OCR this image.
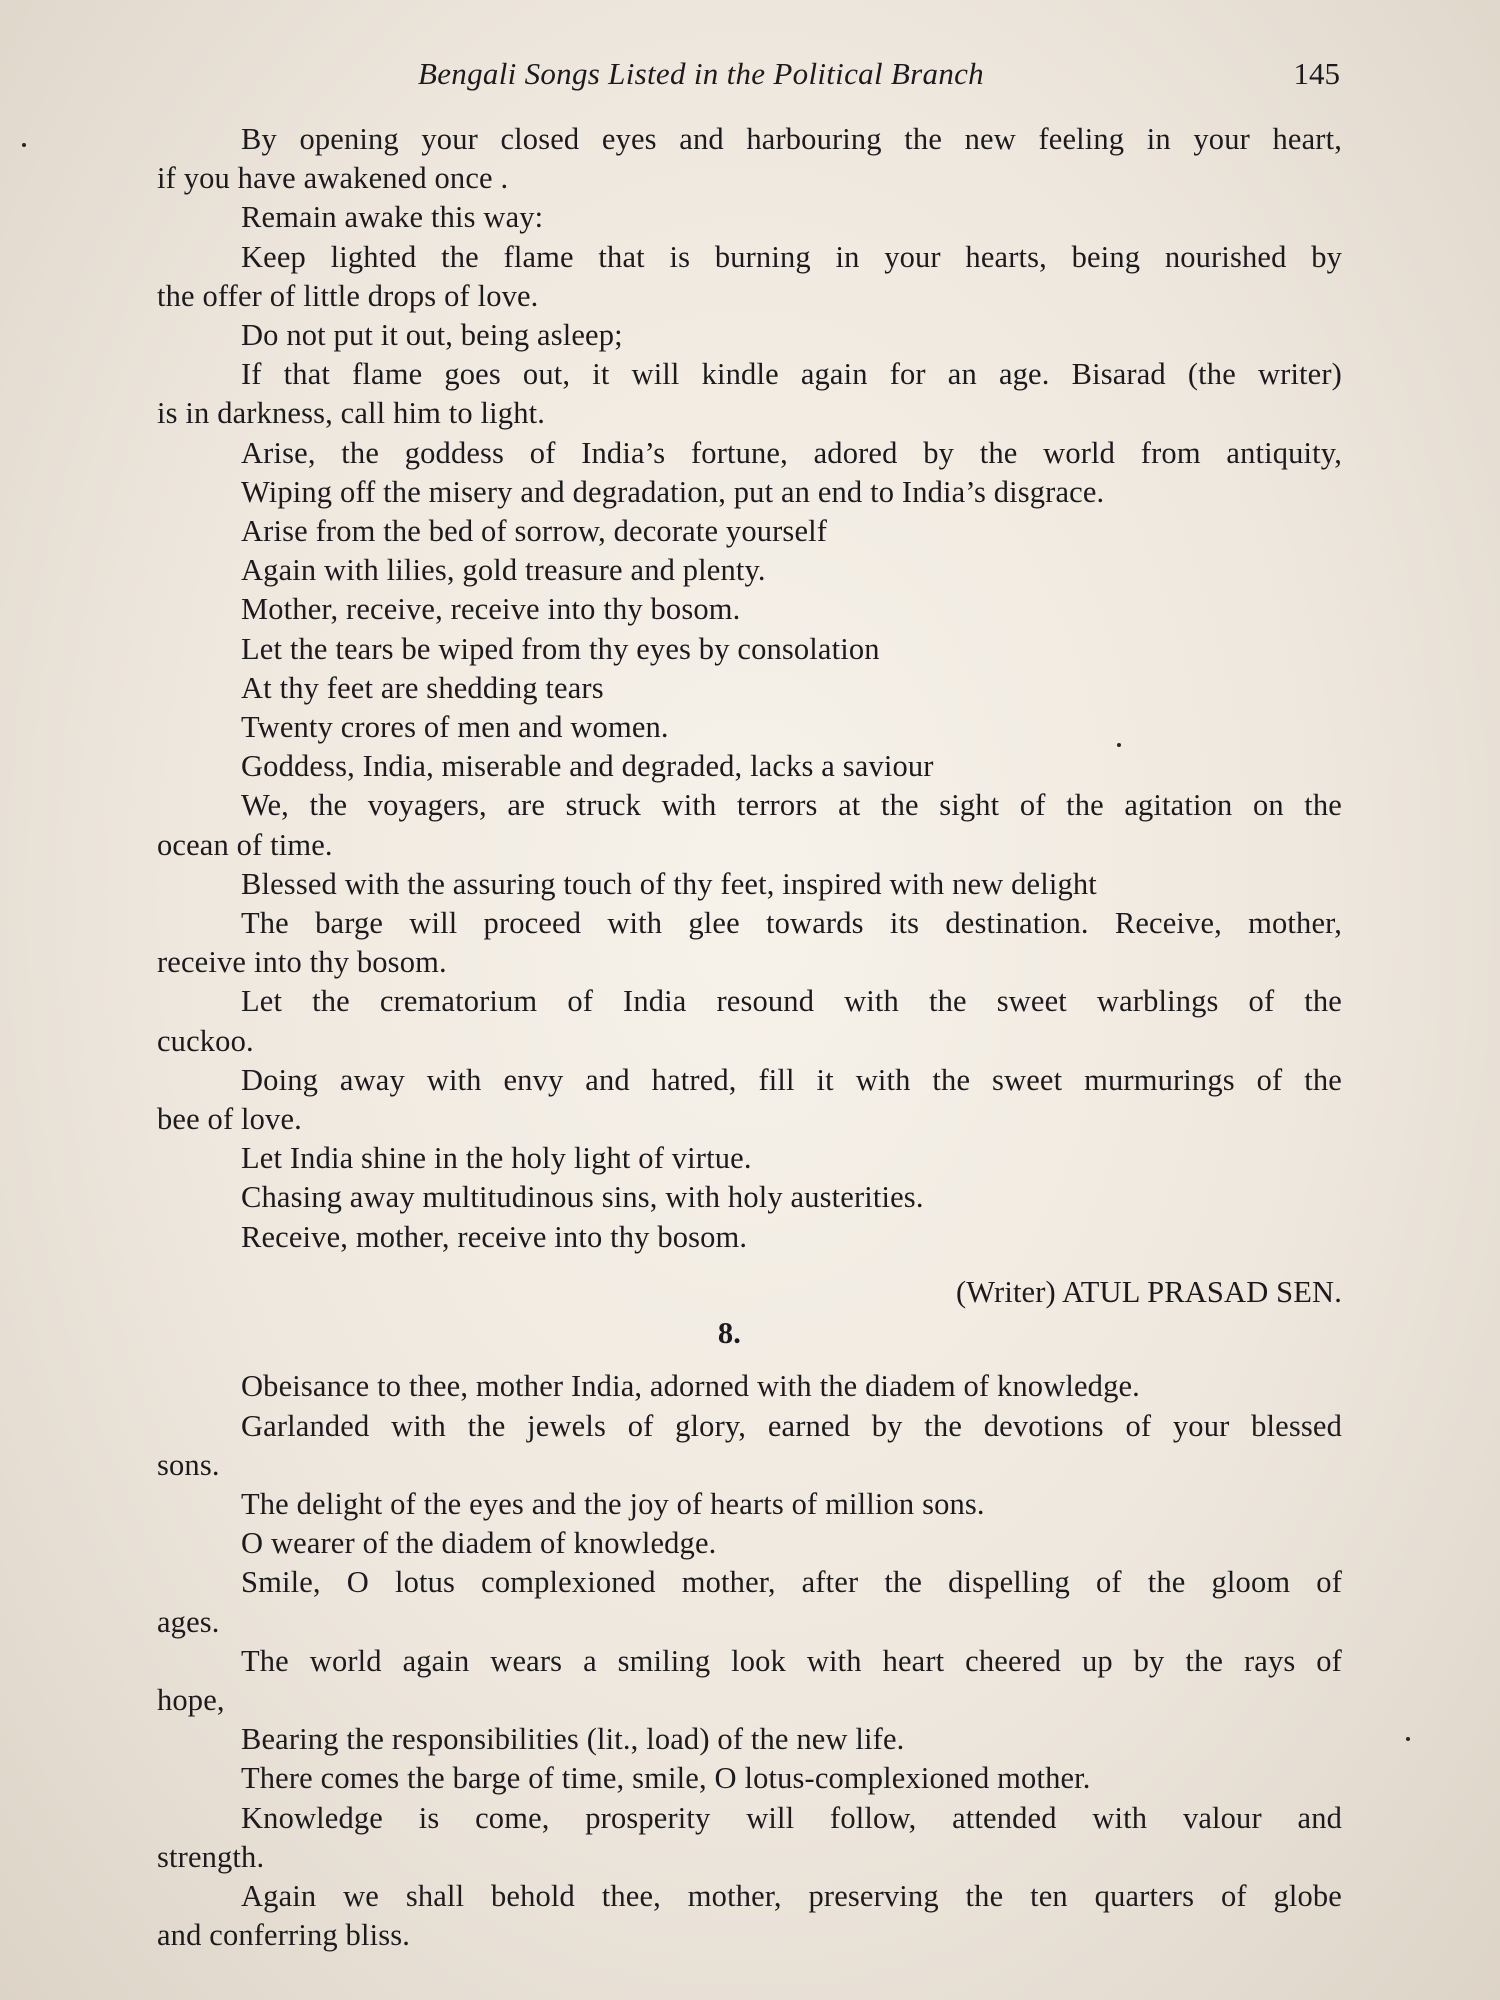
Bengali Songs Listed in the Political Branch	145
By opening your closed eyes and harbouring the new feeling in your heart,
if you have awakened once .
Remain awake this way:
Keep lighted the flame that is burning in your hearts, being nourished by
the offer of little drops of love.
Do not put it out, being asleep;
If that flame goes out, it will kindle again for an age. Bisarad (the writer)
is in darkness, call him to light.
Arise, the goddess of India’s fortune, adored by the world from antiquity,
Wiping off the misery and degradation, put an end to India’s disgrace.
Arise from the bed of sorrow, decorate yourself
Again with lilies, gold treasure and plenty.
Mother, receive, receive into thy bosom.
Let the tears be wiped from thy eyes by consolation
At thy feet are shedding tears
Twenty crores of men and women.
Goddess, India, miserable and degraded, lacks a saviour
We, the voyagers, are struck with terrors at the sight of the agitation on the
ocean of time.
Blessed with the assuring touch of thy feet, inspired with new delight
The barge will proceed with glee towards its destination. Receive, mother,
receive into thy bosom.
Let the crematorium of India resound with the sweet warblings of the
cuckoo.
Doing away with envy and hatred, fill it with the sweet murmurings of the
bee of love.
Let India shine in the holy light of virtue.
Chasing away multitudinous sins, with holy austerities.
Receive, mother, receive into thy bosom.
(Writer) ATUL PRASAD SEN.
8.
Obeisance to thee, mother India, adorned with the diadem of knowledge.
Garlanded with the jewels of glory, earned by the devotions of your blessed
sons.
The delight of the eyes and the joy of hearts of million sons.
O wearer of the diadem of knowledge.
Smile, O lotus complexioned mother, after the dispelling of the gloom of
ages.
The world again wears a smiling look with heart cheered up by the rays of
hope,
Bearing the responsibilities (lit., load) of the new life.
There comes the barge of time, smile, O lotus-complexioned mother.
Knowledge is come, prosperity will follow, attended with valour and
strength.
Again we shall behold thee, mother, preserving the ten quarters of globe
and conferring bliss.
